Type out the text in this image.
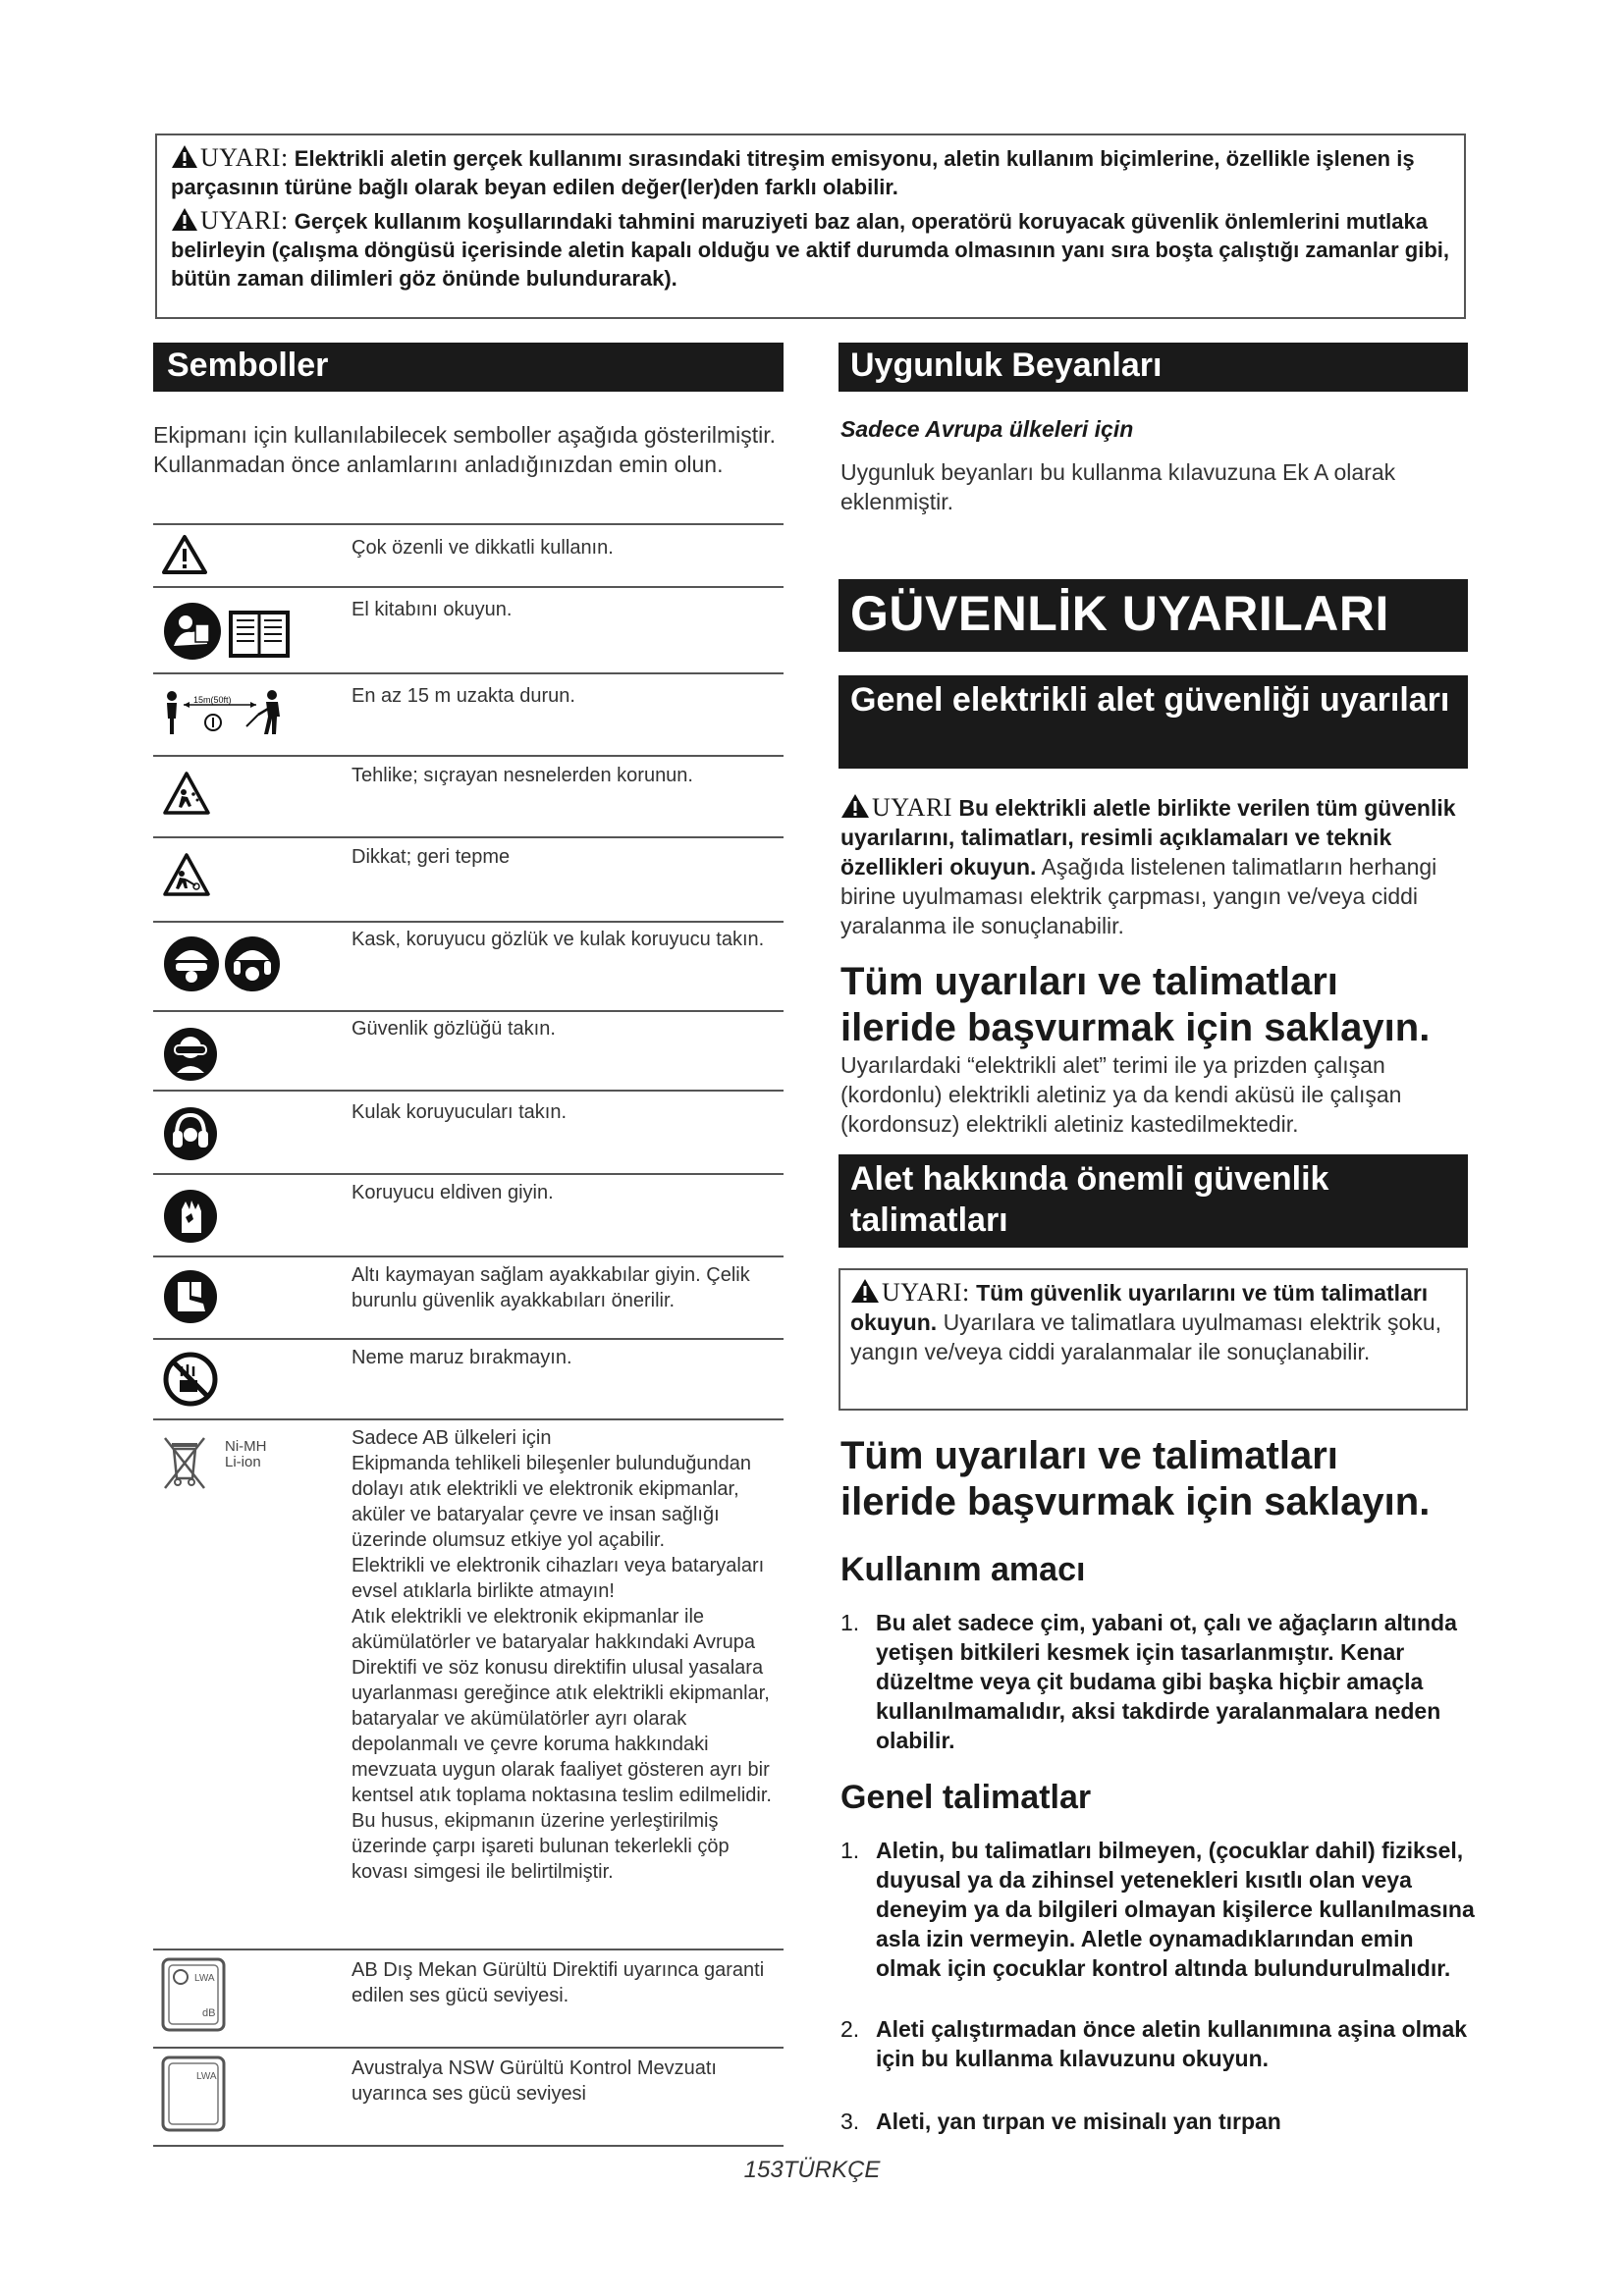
UYARI: Elektrikli aletin gerçek kullanımı sırasındaki titreşim emisyonu, aletin kullanım biçimlerine, özellikle işlenen iş parçasının türüne bağlı olarak beyan edilen değer(ler)den farklı olabilir.

UYARI: Gerçek kullanım koşullarındaki tahmini maruziyeti baz alan, operatörü koruyacak güvenlik önlemlerini mutlaka belirleyin (çalışma döngüsü içerisinde aletin kapalı olduğu ve aktif durumda olmasının yanı sıra boşta çalıştığı zamanlar gibi, bütün zaman dilimleri göz önünde bulundurarak).

Semboller
Ekipmanı için kullanılabilecek semboller aşağıda gösterilmiştir. Kullanmadan önce anlamlarını anladığınızdan emin olun.
Çok özenli ve dikkatli kullanın.
El kitabını okuyun.
15m(50ft)	En az 15 m uzakta durun.
Tehlike; sıçrayan nesnelerden korunun.
Dikkat; geri tepme
Kask, koruyucu gözlük ve kulak koruyucu takın.
Güvenlik gözlüğü takın.
Kulak koruyucuları takın.
Koruyucu eldiven giyin.
Altı kaymayan sağlam ayakkabılar giyin. Çelik burunlu güvenlik ayakkabıları önerilir.
Neme maruz bırakmayın.
Ni-MH
Li-ion
Sadece AB ülkeleri için
Ekipmanda tehlikeli bileşenler bulunduğundan dolayı atık elektrikli ve elektronik ekipmanlar, aküler ve bataryalar çevre ve insan sağlığı üzerinde olumsuz etkiye yol açabilir.
Elektrikli ve elektronik cihazları veya bataryaları evsel atıklarla birlikte atmayın!
Atık elektrikli ve elektronik ekipmanlar ile akümülatörler ve bataryalar hakkındaki Avrupa Direktifi ve söz konusu direktifin ulusal yasalara uyarlanması gereğince atık elektrikli ekipmanlar, bataryalar ve akümülatörler ayrı olarak depolanmalı ve çevre koruma hakkındaki mevzuata uygun olarak faaliyet gösteren ayrı bir kentsel atık toplama noktasına teslim edilmelidir.
Bu husus, ekipmanın üzerine yerleştirilmiş üzerinde çarpı işareti bulunan tekerlekli çöp kovası simgesi ile belirtilmiştir.
LWA
dB
AB Dış Mekan Gürültü Direktifi uyarınca garanti edilen ses gücü seviyesi.
LWA	Avustralya NSW Gürültü Kontrol Mevzuatı uyarınca ses gücü seviyesi
Uygunluk Beyanları
Sadece Avrupa ülkeleri için
Uygunluk beyanları bu kullanma kılavuzuna Ek A olarak eklenmiştir.
GÜVENLİK UYARILARI
Genel elektrikli alet güvenliği uyarıları
UYARI Bu elektrikli aletle birlikte verilen tüm güvenlik uyarılarını, talimatları, resimli açıklamaları ve teknik özellikleri okuyun. Aşağıda listelenen talimatların herhangi birine uyulmaması elektrik çarpması, yangın ve/veya ciddi yaralanma ile sonuçlanabilir.
Tüm uyarıları ve talimatları ileride başvurmak için saklayın.
Uyarılardaki “elektrikli alet” terimi ile ya prizden çalışan (kordonlu) elektrikli aletiniz ya da kendi aküsü ile çalışan (kordonsuz) elektrikli aletiniz kastedilmektedir.
Alet hakkında önemli güvenlik talimatları
UYARI: Tüm güvenlik uyarılarını ve tüm talimatları okuyun. Uyarılara ve talimatlara uyulmaması elektrik şoku, yangın ve/veya ciddi yaralanmalar ile sonuçlanabilir.
Tüm uyarıları ve talimatları ileride başvurmak için saklayın.
Kullanım amacı
1. Bu alet sadece çim, yabani ot, çalı ve ağaçların altında yetişen bitkileri kesmek için tasarlanmıştır. Kenar düzeltme veya çit budama gibi başka hiçbir amaçla kullanılmamalıdır, aksi takdirde yaralanmalara neden olabilir.
Genel talimatlar
1. Aletin, bu talimatları bilmeyen, (çocuklar dahil) fiziksel, duyusal ya da zihinsel yetenekleri kısıtlı olan veya deneyim ya da bilgileri olmayan kişilerce kullanılmasına asla izin vermeyin. Aletle oynamadıklarından emin olmak için çocuklar kontrol altında bulundurulmalıdır.
2. Aleti çalıştırmadan önce aletin kullanımına aşina olmak için bu kullanma kılavuzunu okuyun.
3. Aleti, yan tırpan ve misinalı yan tırpan
153TÜRKÇE
